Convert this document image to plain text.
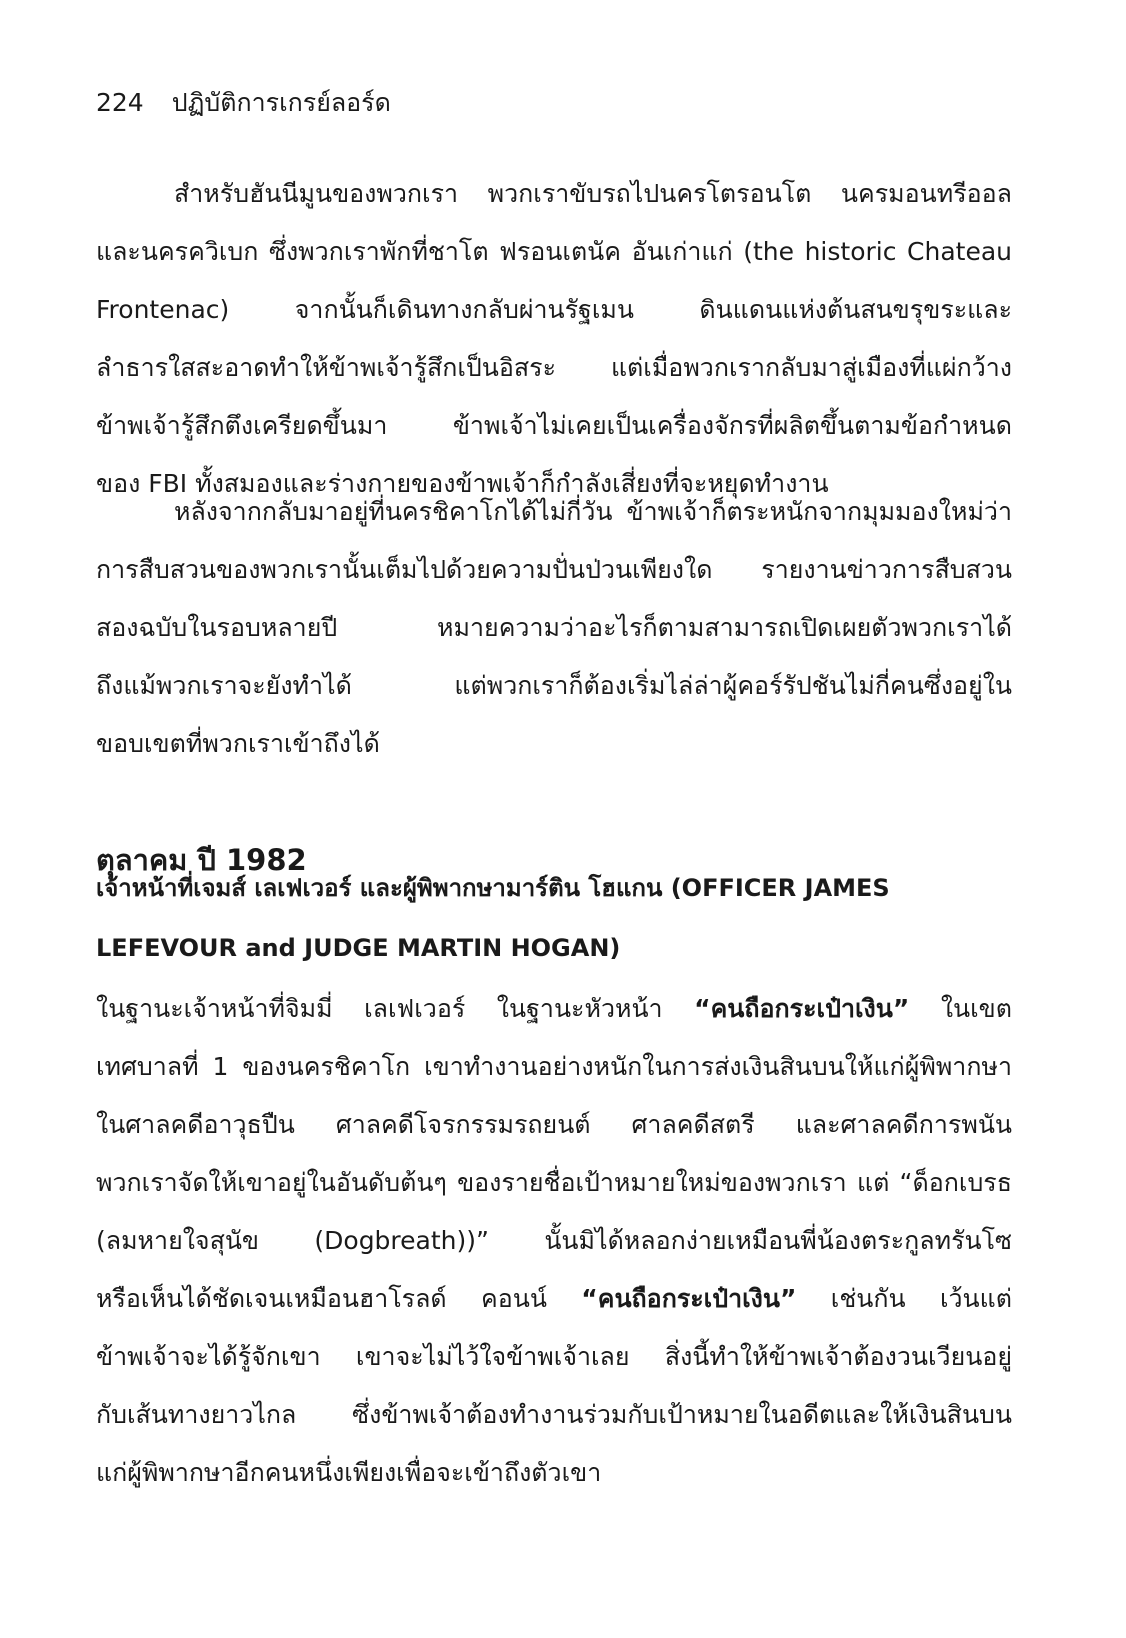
224 ปฏิบัติการเกรย์ลอร์ด
สำหรับฮันนีมูนของพวกเรา พวกเราขับรถไปนครโตรอนโต นครมอนทรีออล
และนครควิเบก ซึ่งพวกเราพักที่ชาโต ฟรอนเตนัค อันเก่าแก่ (the historic Chateau
Frontenac) จากนั้นก็เดินทางกลับผ่านรัฐเมน ดินแดนแห่งต้นสนขรุขระและ
ลำธารใสสะอาดทำให้ข้าพเจ้ารู้สึกเป็นอิสระ แต่เมื่อพวกเรากลับมาสู่เมืองที่แผ่กว้าง
ข้าพเจ้ารู้สึกตึงเครียดขึ้นมา ข้าพเจ้าไม่เคยเป็นเครื่องจักรที่ผลิตขึ้นตามข้อกำหนด
ของ FBI ทั้งสมองและร่างกายของข้าพเจ้าก็กำลังเสี่ยงที่จะหยุดทำงาน
หลังจากกลับมาอยู่ที่นครชิคาโกได้ไม่กี่วัน ข้าพเจ้าก็ตระหนักจากมุมมองใหม่ว่า
การสืบสวนของพวกเรานั้นเต็มไปด้วยความปั่นป่วนเพียงใด รายงานข่าวการสืบสวน
สองฉบับในรอบหลายปี หมายความว่าอะไรก็ตามสามารถเปิดเผยตัวพวกเราได้
ถึงแม้พวกเราจะยังทำได้ แต่พวกเราก็ต้องเริ่มไล่ล่าผู้คอร์รัปชันไม่กี่คนซึ่งอยู่ใน
ขอบเขตที่พวกเราเข้าถึงได้
ตุลาคม ปี 1982
เจ้าหน้าที่เจมส์ เลเฟเวอร์ และผู้พิพากษามาร์ติน โฮแกน (OFFICER JAMES
LEFEVOUR and JUDGE MARTIN HOGAN)
ในฐานะเจ้าหน้าที่จิมมี่ เลเฟเวอร์ ในฐานะหัวหน้า “คนถือกระเป๋าเงิน” ในเขต
เทศบาลที่ 1 ของนครชิคาโก เขาทำงานอย่างหนักในการส่งเงินสินบนให้แก่ผู้พิพากษา
ในศาลคดีอาวุธปืน ศาลคดีโจรกรรมรถยนต์ ศาลคดีสตรี และศาลคดีการพนัน
พวกเราจัดให้เขาอยู่ในอันดับต้นๆ ของรายชื่อเป้าหมายใหม่ของพวกเรา แต่ “ด็อกเบรธ
(ลมหายใจสุนัข (Dogbreath))” นั้นมิได้หลอกง่ายเหมือนพี่น้องตระกูลทรันโซ
หรือเห็นได้ชัดเจนเหมือนฮาโรลด์ คอนน์ “คนถือกระเป๋าเงิน” เช่นกัน เว้นแต่
ข้าพเจ้าจะได้รู้จักเขา เขาจะไม่ไว้ใจข้าพเจ้าเลย สิ่งนี้ทำให้ข้าพเจ้าต้องวนเวียนอยู่
กับเส้นทางยาวไกล ซึ่งข้าพเจ้าต้องทำงานร่วมกับเป้าหมายในอดีตและให้เงินสินบน
แก่ผู้พิพากษาอีกคนหนึ่งเพียงเพื่อจะเข้าถึงตัวเขา
